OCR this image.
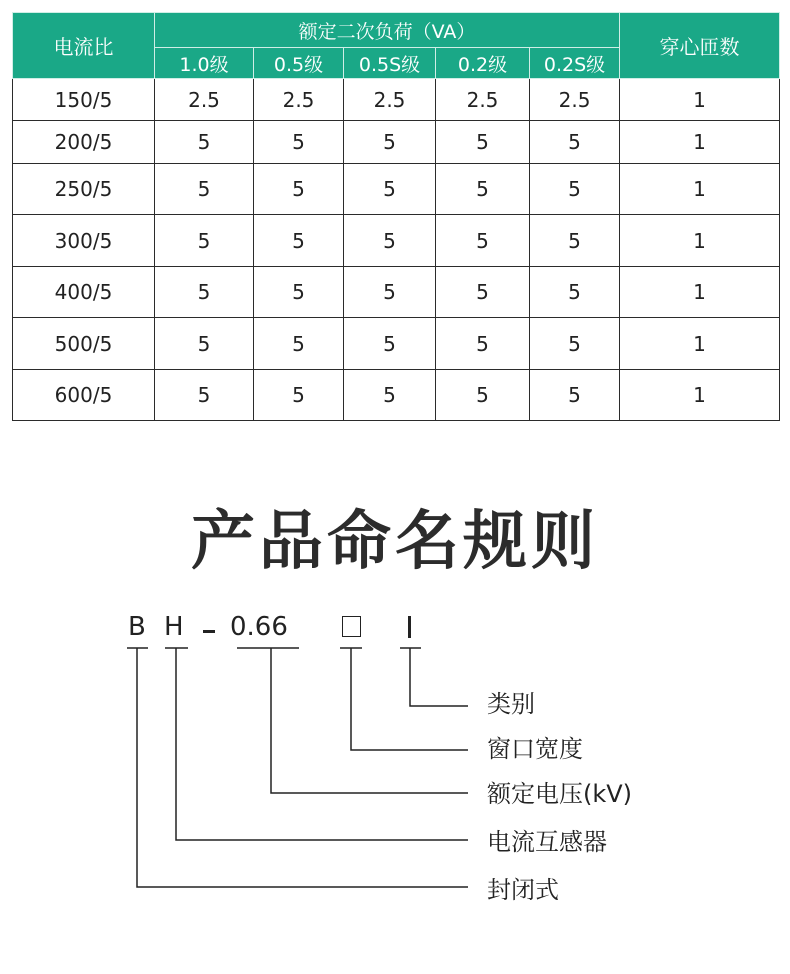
电流比	额定二次负荷（VA）					穿心匝数
	1.0级	0.5级	0.5S级	0.2级	0.2S级	
150/5	2.5	2.5	2.5	2.5	2.5	1
200/5	5	5	5	5	5	1
250/5	5	5	5	5	5	1
300/5	5	5	5	5	5	1
400/5	5	5	5	5	5	1
500/5	5	5	5	5	5	1
600/5	5	5	5	5	5	1
产品命名规则
B H 0.66
类别
窗口宽度
额定电压(kV)
电流互感器
封闭式
